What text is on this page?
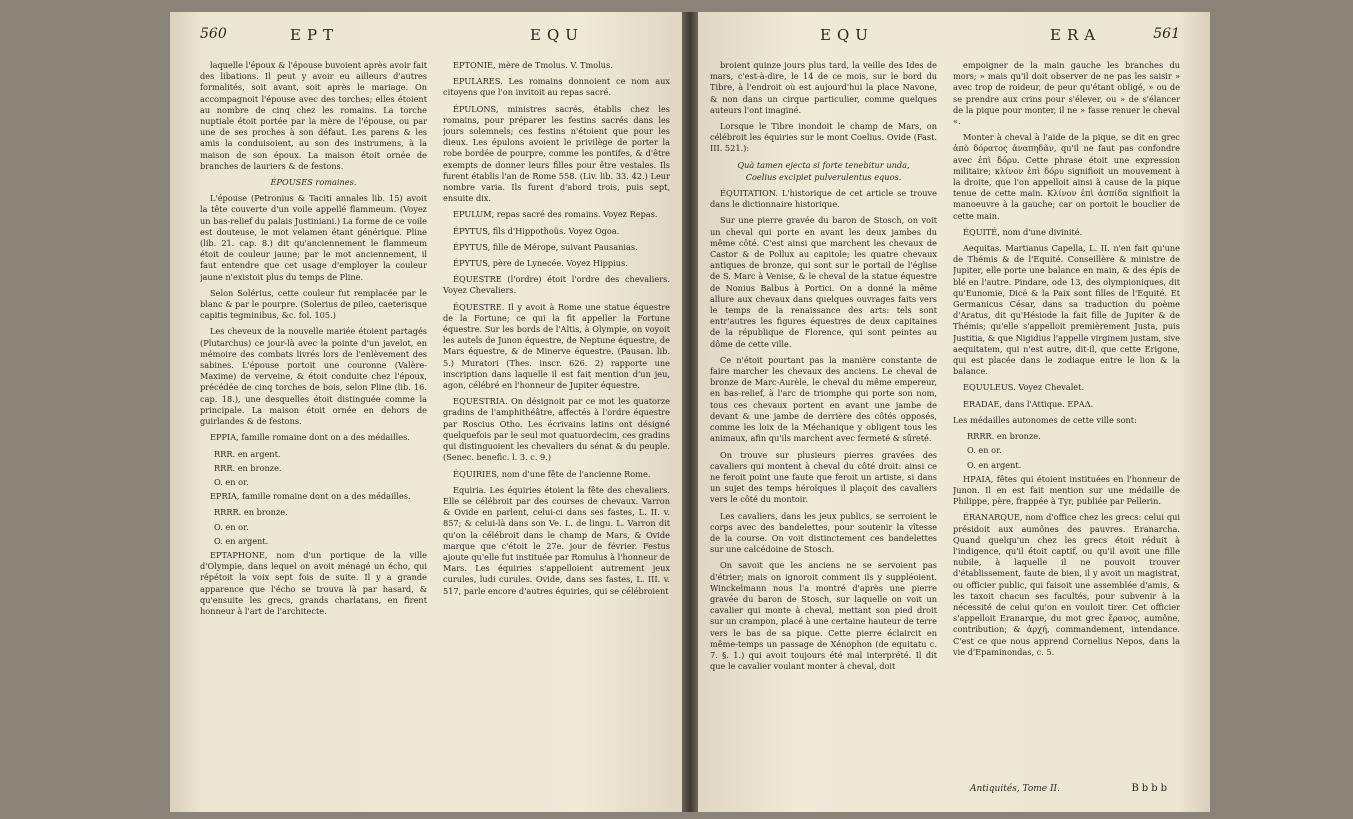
560	EPT	EQU

laquelle l'époux & l'épouse buvoient après avoir fait des libations. Il peut y avoir eu ailleurs d'autres formalités, soit avant, soit après le mariage. On accompagnoit l'épouse avec des torches; elles étoient au nombre de cinq chez les romains. La torche nuptiale étoit portée par la mère de l'épouse, ou par une de ses proches à son défaut. Les parens & les amis la conduisoient, au son des instrumens, à la maison de son époux. La maison étoit ornée de branches de lauriers & de festons.

ÉPOUSES romaines.

L'épouse (Petronius & Taciti annales lib. 15) avoit la tête couverte d'un voile appellé flammeum. (Voyez un bas-relief du palais Justiniani.) La forme de ce voile est douteuse, le mot velamen étant générique. Pline (lib. 21. cap. 8.) dit qu'anciennement le flammeum étoit de couleur jaune; par le mot anciennement, il faut entendre que cet usage d'employer la couleur jaune n'existoit plus du temps de Pline.

Selon Solérius, cette couleur fut remplacée par le blanc & par le pourpre. (Solerius de pileo, caeterisque capitis tegminibus, &c. fol. 105.)

Les cheveux de la nouvelle mariée étoient partagés (Plutarchus) ce jour-là avec la pointe d'un javelot, en mémoire des combats livrés lors de l'enlèvement des sabines. L'épouse portoit une couronne (Valère-Maxime) de verveine, & étoit conduite chez l'époux, précédée de cinq torches de bois, selon Pline (lib. 16. cap. 18.), une desquelles étoit distinguée comme la principale. La maison étoit ornée en dehors de guirlandes & de festons.

EPPIA, famille romaine dont on a des médailles.

RRR. en argent.

RRR. en bronze.

O. en or.

EPRIA, famille romaine dont on a des médailles.

RRRR. en bronze.

O. en or.

O. en argent.

EPTAPHONE, nom d'un portique de la ville d'Olympie, dans lequel on avoit ménagé un écho, qui répétoit la voix sept fois de suite. Il y a grande apparence que l'écho se trouva là par hasard, & qu'ensuite les grecs, grands charlatans, en firent honneur à l'art de l'architecte.

EPTONIE, mère de Tmolus. V. Tmolus.

EPULARES. Les romains donnoient ce nom aux citoyens que l'on invitoit au repas sacré.

ÉPULONS, ministres sacrés, établis chez les romains, pour préparer les festins sacrés dans les jours solemnels; ces festins n'étoient que pour les dieux. Les épulons avoient le privilège de porter la robe bordée de pourpre, comme les pontifes, & d'être exempts de donner leurs filles pour être vestales. Ils furent établis l'an de Rome 558. (Liv. lib. 33. 42.) Leur nombre varia. Ils furent d'abord trois, puis sept, ensuite dix.

EPULUM, repas sacré des romains. Voyez Repas.

ÉPYTUS, fils d'Hippothoüs. Voyez Ogoa.

ÉPYTUS, fille de Mérope, suivant Pausanias.

ÉPYTUS, père de Lynecée. Voyez Hippius.

ÉQUESTRE (l'ordre) étoit l'ordre des chevaliers. Voyez Chevaliers.

ÉQUESTRE. Il y avoit à Rome une statue équestre de la Fortune; ce qui la fit appeller la Fortune équestre. Sur les bords de l'Altis, à Olympie, on voyoit les autels de Junon équestre, de Neptune équestre, de Mars équestre, & de Minerve équestre. (Pausan. lib. 5.) Muratori (Thes. inscr. 626. 2) rapporte une inscription dans laquelle il est fait mention d'un jeu, agon, célébré en l'honneur de Jupiter équestre.

EQUESTRIA. On désignoit par ce mot les quatorze gradins de l'amphithéâtre, affectés à l'ordre équestre par Roscius Otho. Les écrivains latins ont désigné quelquefois par le seul mot quatuordecim, ces gradins qui distinguoient les chevaliers du sénat & du peuple. (Senec. benefic. l. 3. c. 9.)

ÉQUIRIES, nom d'une fête de l'ancienne Rome.

Equiria. Les équiries étoient la fête des chevaliers. Elle se célébroit par des courses de chevaux. Varron & Ovide en parlent, celui-ci dans ses fastes, L. II. v. 857; & celui-là dans son Ve. L. de lingu. L. Varron dit qu'on la célébroit dans le champ de Mars, & Ovide marque que c'étoit le 27e. jour de février. Festus ajoute qu'elle fut instituée par Romulus à l'honneur de Mars. Les équiries s'appelloient autrement jeux curules, ludi curules. Ovide, dans ses fastes, L. III. v. 517, parle encore d'autres équiries, qui se célébroient

EQU	ERA	561

broient quinze jours plus tard, la veille des Ides de mars, c'est-à-dire, le 14 de ce mois, sur le bord du Tibre, à l'endroit où est aujourd'hui la place Navone, & non dans un cirque particulier, comme quelques auteurs l'ont imaginé.

Lorsque le Tibre inondoit le champ de Mars, on célébroit les équiries sur le mont Coelius. Ovide (Fast. III. 521.):

Quà tamen ejecta si forte tenebitur unda,

Coelius excipiet pulverulentus equos.

ÉQUITATION. L'historique de cet article se trouve dans le dictionnaire historique.

Sur une pierre gravée du baron de Stosch, on voit un cheval qui porte en avant les deux jambes du même côté. C'est ainsi que marchent les chevaux de Castor & de Pollux au capitole; les quatre chevaux antiques de bronze, qui sont sur le portail de l'église de S. Marc à Venise, & le cheval de la statue équestre de Nonius Balbus à Portici. On a donné la même allure aux chevaux dans quelques ouvrages faits vers le temps de la renaissance des arts: tels sont entr'autres les figures équestres de deux capitaines de la république de Florence, qui sont peintes au dôme de cette ville.

Ce n'étoit pourtant pas la manière constante de faire marcher les chevaux des anciens. Le cheval de bronze de Marc-Aurèle, le cheval du même empereur, en bas-relief, à l'arc de triomphe qui porte son nom, tous ces chevaux portent en avant une jambe de devant & une jambe de derrière des côtés opposés, comme les loix de la Méchanique y obligent tous les animaux, afin qu'ils marchent avec fermeté & sûreté.

On trouve sur plusieurs pierres gravées des cavaliers qui montent à cheval du côté droit: ainsi ce ne feroit point une faute que feroit un artiste, si dans un sujet des temps héroïques il plaçoit des cavaliers vers le côté du montoir.

Les cavaliers, dans les jeux publics, se serroient le corps avec des bandelettes, pour soutenir la vîtesse de la course. On voit distinctement ces bandelettes sur une calcédoine de Stosch.

On savoit que les anciens ne se servoient pas d'étrier; mais on ignoroit comment ils y suppléoient. Winckelmann nous l'a montré d'après une pierre gravée du baron de Stosch, sur laquelle on voit un cavalier qui monte à cheval, mettant son pied droit sur un crampon, placé à une certaine hauteur de terre vers le bas de sa pique. Cette pierre éclaircit en même-temps un passage de Xénophon (de equitatu c. 7. §. 1.) qui avoit toujours été mal interprété. Il dit que le cavalier voulant monter à cheval, doit

empoigner de la main gauche les branches du mors; » mais qu'il doit observer de ne pas les saisir » avec trop de roideur, de peur qu'étant obligé, » ou de se prendre aux crins pour s'élever, ou » de s'élancer de la pique pour monter, il ne » fasse renuer le cheval «.

Monter à cheval à l'aide de la pique, se dit en grec ἀπὸ δόρατος ἀναπηδᾶν, qu'il ne faut pas confondre avec ἐπὶ δόρυ. Cette phrase étoit une expression militaire; κλίνον ἐπὶ δόρυ signifioit un mouvement à la droite, que l'on appelloit ainsi à cause de la pique tenue de cette main. Κλίνον ἐπὶ ἀσπίδα signifioit la manoeuvre à la gauche; car on portoit le bouclier de cette main.

ÉQUITÉ, nom d'une divinité.

Aequitas. Martianus Capella, L. II. n'en fait qu'une de Thémis & de l'Equité. Conseillère & ministre de Jupiter, elle porte une balance en main, & des épis de blé en l'autre. Pindare, ode 13, des olympioniques, dit qu'Eunomie, Dicé & la Paix sont filles de l'Equité. Et Germanicus César, dans sa traduction du poème d'Aratus, dit qu'Hésiode la fait fille de Jupiter & de Thémis; qu'elle s'appelloit premièrement Justa, puis Justitia, & que Nigidius l'appelle virginem justam, sive aequitatem, qui n'est autre, dit-il, que cette Erigone, qui est placée dans le zodiaque entre le lion & la balance.

EQUULEUS. Voyez Chevalet.

ERADAE, dans l'Attique. ΕΡΑΔ.

Les médailles autonomes de cette ville sont:

RRRR. en bronze.

O. en or.

O. en argent.

ΗΡΑΙΑ, fêtes qui étoient instituées en l'honneur de Junon. Il en est fait mention sur une médaille de Philippe, père, frappée à Tyr, publiée par Pellerin.

ÉRANARQUE, nom d'office chez les grecs: celui qui présidoit aux aumônes des pauvres. Eranarcha. Quand quelqu'un chez les grecs étoit réduit à l'indigence, qu'il étoit captif, ou qu'il avoit une fille nubile, à laquelle il ne pouvoit trouver d'établissement, faute de bien, il y avoit un magistrat, ou officier public, qui faisoit une assemblée d'amis, & les taxoit chacun ses facultés, pour subvenir à la nécessité de celui qu'on en vouloit tirer. Cet officier s'appelloit Eranarque, du mot grec ἔρανος, aumône, contribution; & ἀρχή, commandement, intendance. C'est ce que nous apprend Cornelius Nepos, dans la vie d'Epaminondas, c. 5.

Antiquités, Tome II.	Bbbb
